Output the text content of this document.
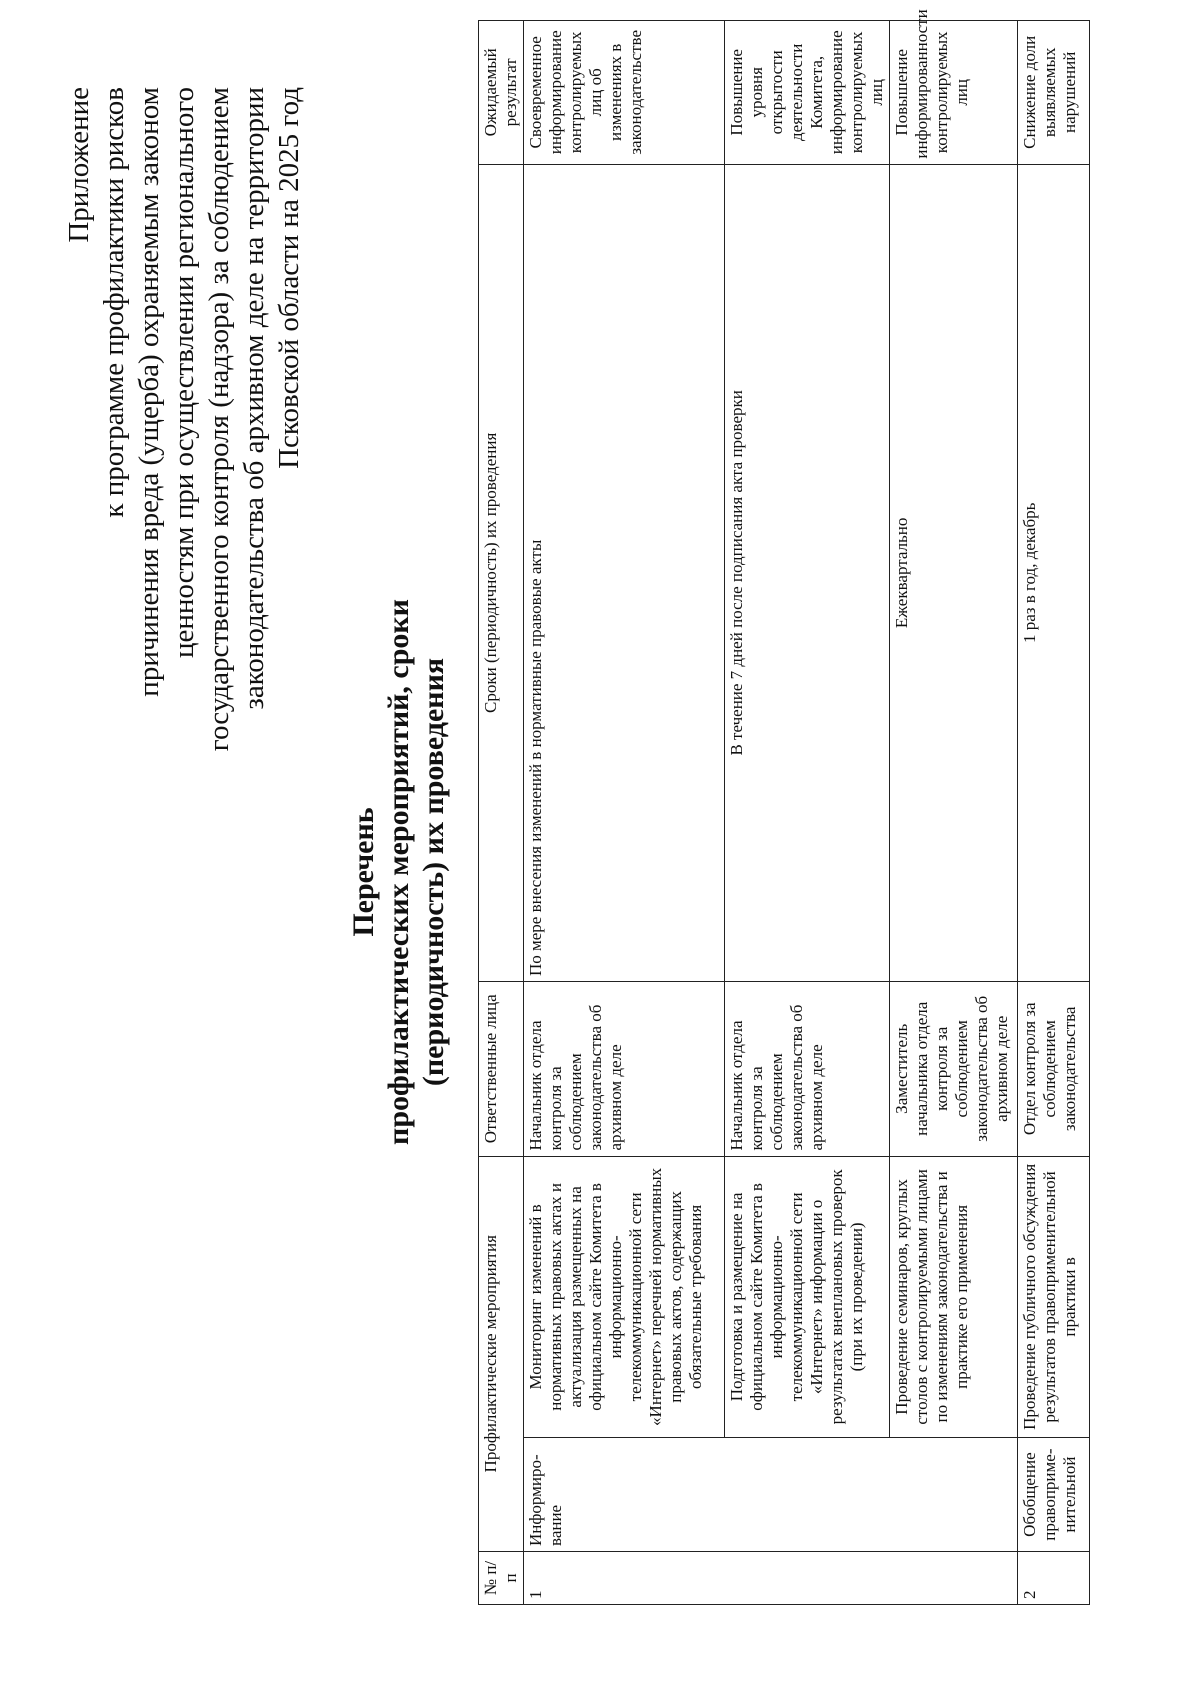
Приложение к программе профилактики рисков причинения вреда (ущерба) охраняемым законом ценностям при осуществлении регионального государственного контроля (надзора) за соблюдением законодательства об архивном деле на территории Псковской области на 2025 год
Перечень профилактических мероприятий, сроки (периодичность) их проведения
№ п/п	Профилактические мероприятия		Ответственные лица	Сроки (периодичность) их проведения	Ожидаемый результат
1	Информиро-вание	Мониторинг изменений в нормативных правовых актах и актуализация размещенных на официальном сайте Комитета в информационно-телекоммуникационной сети «Интернет» перечней нормативных правовых актов, содержащих обязательные требования	Начальник отдела контроля за соблюдением законодательства об архивном деле	По мере внесения изменений в нормативные правовые акты	Своевременное информирование контролируемых лиц об изменениях в законодательстве
		Подготовка и размещение на официальном сайте Комитета в информационно-телекоммуникационной сети «Интернет» информации о результатах внеплановых проверок (при их проведении)	Начальник отдела контроля за соблюдением законодательства об архивном деле	В течение 7 дней после подписания акта проверки	Повышение уровня открытости деятельности Комитета, информирование контролируемых лиц
		Проведение семинаров, круглых столов с контролируемыми лицами по изменениям законодательства и практике его применения	Заместитель начальника отдела контроля за соблюдением законодательства об архивном деле	Ежеквартально	Повышение информированности контролируемых лиц
2	Обобщение правоприме-нительной	Проведение публичного обсуждения результатов правоприменительной практики в	Отдел контроля за соблюдением законодательства	1 раз в год, декабрь	Снижение доли выявляемых нарушений
